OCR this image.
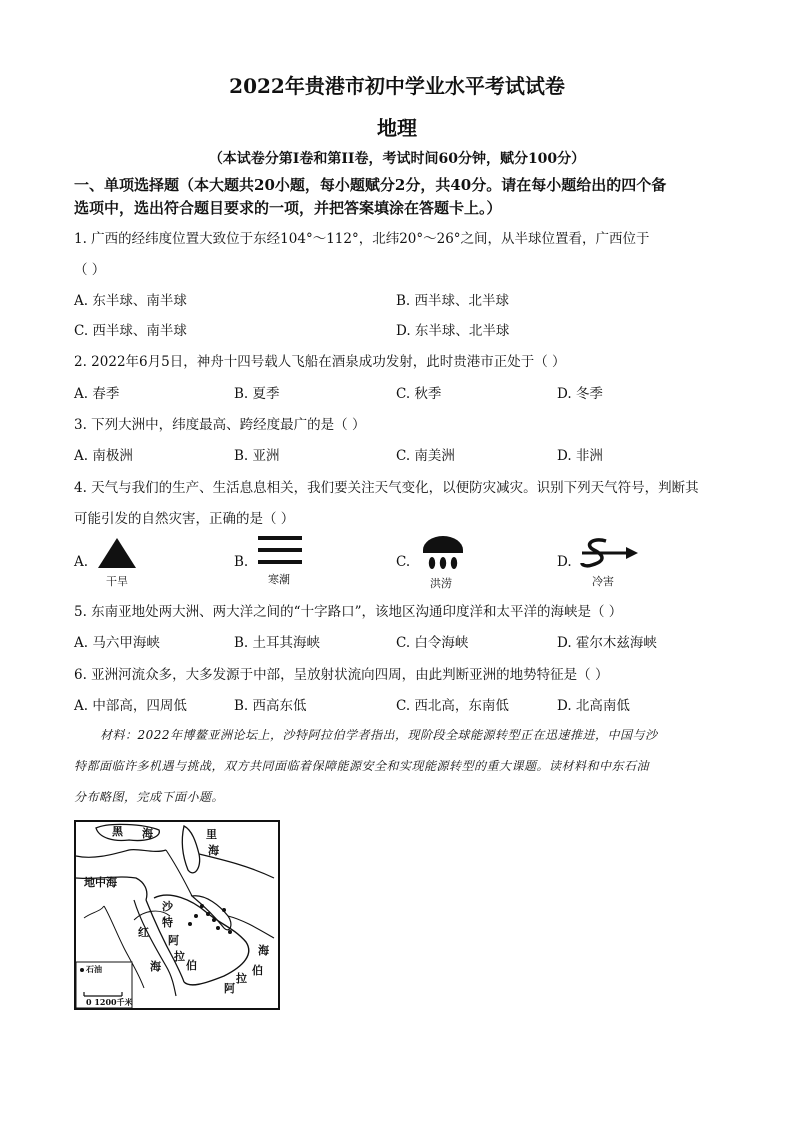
2022年贵港市初中学业水平考试试卷
地理
（本试卷分第Ⅰ卷和第II卷，考试时间60分钟，赋分100分）
一、单项选择题（本大题共20小题，每小题赋分2分，共40分。请在每小题给出的四个备
选项中，选出符合题目要求的一项，并把答案填涂在答题卡上。）
1. 广西的经纬度位置大致位于东经104°～112°，北纬20°～26°之间，从半球位置看，广西位于
（ ）
A. 东半球、南半球	B. 西半球、北半球
C. 西半球、南半球	D. 东半球、北半球
2. 2022年6月5日，神舟十四号载人飞船在酒泉成功发射，此时贵港市正处于（ ）
A. 春季	B. 夏季	C. 秋季	D. 冬季
3. 下列大洲中，纬度最高、跨经度最广的是（ ）
A. 南极洲	B. 亚洲	C. 南美洲	D. 非洲
4. 天气与我们的生产、生活息息相关，我们要关注天气变化，以便防灾减灾。识别下列天气符号，判断其
可能引发的自然灾害，正确的是（ ）
A.
干旱
B.
寒潮
C.
洪涝
D.
冷害
5. 东南亚地处两大洲、两大洋之间的“十字路口”，该地区沟通印度洋和太平洋的海峡是（ ）
A. 马六甲海峡	B. 土耳其海峡	C. 白令海峡	D. 霍尔木兹海峡
6. 亚洲河流众多，大多发源于中部，呈放射状流向四周，由此判断亚洲的地势特征是（ ）
A. 中部高，四周低	B. 西高东低	C. 西北高，东南低	D. 北高南低
材料：2022年博鳌亚洲论坛上，沙特阿拉伯学者指出，现阶段全球能源转型正在迅速推进，中国与沙
特都面临许多机遇与挑战，双方共同面临着保障能源安全和实现能源转型的重大课题。读材料和中东石油
分布略图，完成下面小题。
黑 海	里
海
地中海
沙
特
阿
拉
伯
红
海	伯
海
阿
拉
石油
0 1200千米
